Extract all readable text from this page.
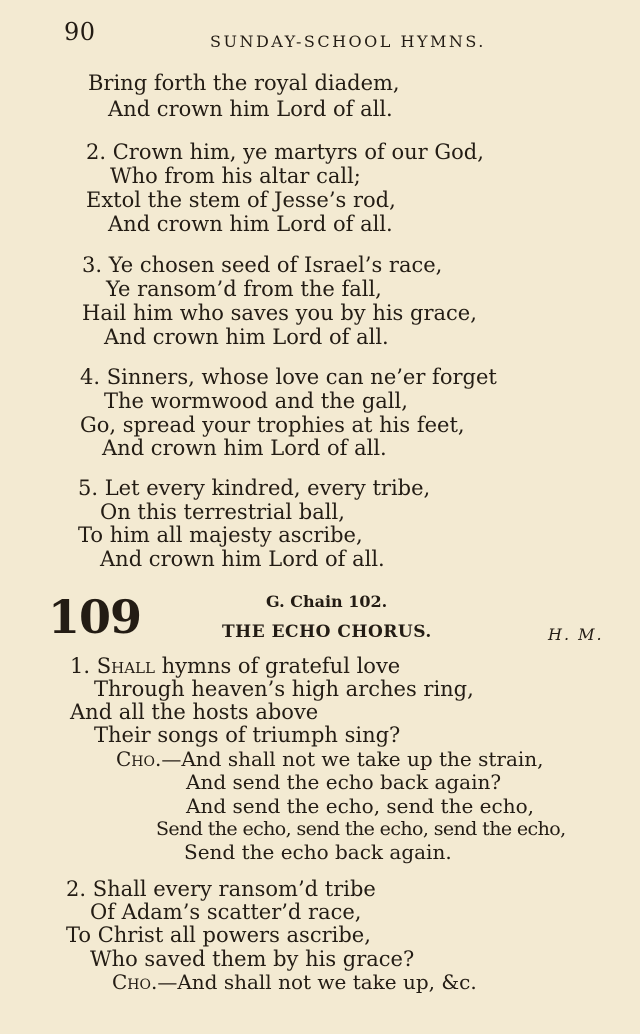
90	SUNDAY-SCHOOL HYMNS.
Bring forth the royal diadem,
And crown him Lord of all.
2. Crown him, ye martyrs of our God,
Who from his altar call;
Extol the stem of Jesse’s rod,
And crown him Lord of all.
3. Ye chosen seed of Israel’s race,
Ye ransom’d from the fall,
Hail him who saves you by his grace,
And crown him Lord of all.
4. Sinners, whose love can ne’er forget
The wormwood and the gall,
Go, spread your trophies at his feet,
And crown him Lord of all.
5. Let every kindred, every tribe,
On this terrestrial ball,
To him all majesty ascribe,
And crown him Lord of all.
109	G. Chain 102.
THE ECHO CHORUS.	H. M.
1. Shall hymns of grateful love
Through heaven’s high arches ring,
And all the hosts above
Their songs of triumph sing?
Cho.—And shall not we take up the strain,
And send the echo back again?
And send the echo, send the echo,
Send the echo, send the echo, send the echo,
Send the echo back again.
2. Shall every ransom’d tribe
Of Adam’s scatter’d race,
To Christ all powers ascribe,
Who saved them by his grace?
Cho.—And shall not we take up, &c.
